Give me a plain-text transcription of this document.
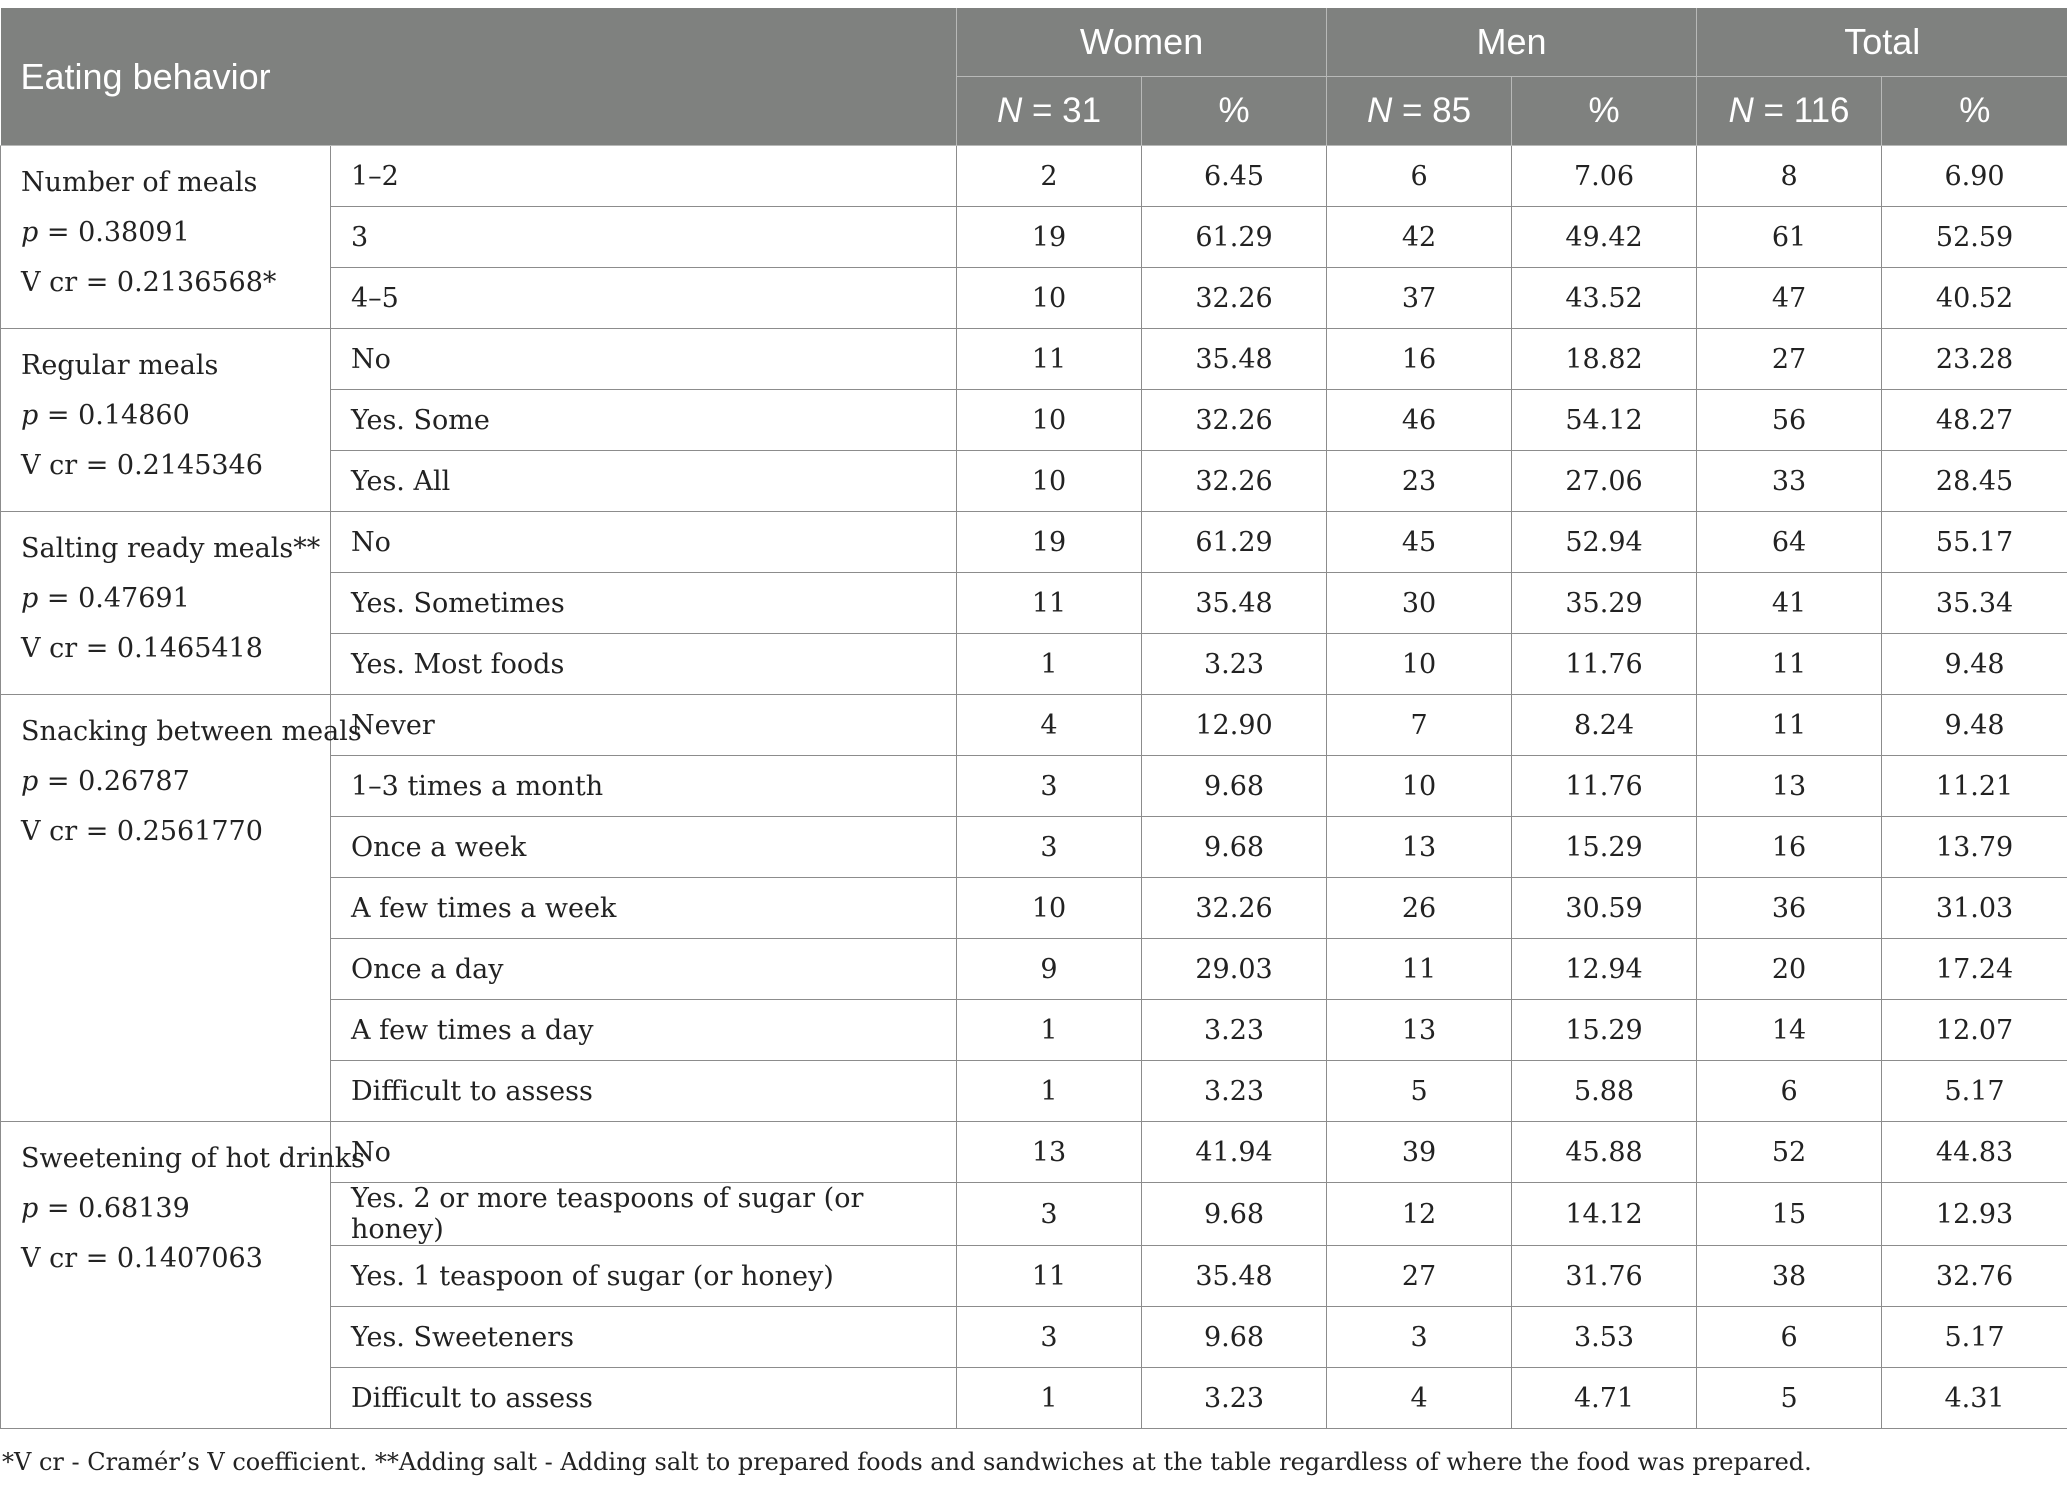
Eating behavior		Women		Men		Total	
		N = 31	%	N = 85	%	N = 116	%

Number of meals
p = 0.38091
V cr = 0.2136568*	1–2	2	6.45	6	7.06	8	6.90
	3	19	61.29	42	49.42	61	52.59
	4–5	10	32.26	37	43.52	47	40.52

Regular meals
p = 0.14860
V cr = 0.2145346	No	11	35.48	16	18.82	27	23.28
	Yes. Some	10	32.26	46	54.12	56	48.27
	Yes. All	10	32.26	23	27.06	33	28.45

Salting ready meals**
p = 0.47691
V cr = 0.1465418	No	19	61.29	45	52.94	64	55.17
	Yes. Sometimes	11	35.48	30	35.29	41	35.34
	Yes. Most foods	1	3.23	10	11.76	11	9.48

Snacking between meals
p = 0.26787
V cr = 0.2561770	Never	4	12.90	7	8.24	11	9.48
	1–3 times a month	3	9.68	10	11.76	13	11.21
	Once a week	3	9.68	13	15.29	16	13.79
	A few times a week	10	32.26	26	30.59	36	31.03
	Once a day	9	29.03	11	12.94	20	17.24
	A few times a day	1	3.23	13	15.29	14	12.07
	Difficult to assess	1	3.23	5	5.88	6	5.17

Sweetening of hot drinks
p = 0.68139
V cr = 0.1407063	No	13	41.94	39	45.88	52	44.83
	Yes. 2 or more teaspoons of sugar (or honey)	3	9.68	12	14.12	15	12.93
	Yes. 1 teaspoon of sugar (or honey)	11	35.48	27	31.76	38	32.76
	Yes. Sweeteners	3	9.68	3	3.53	6	5.17
	Difficult to assess	1	3.23	4	4.71	5	4.31
*V cr - Cramér’s V coefficient. **Adding salt - Adding salt to prepared foods and sandwiches at the table regardless of where the food was prepared.
